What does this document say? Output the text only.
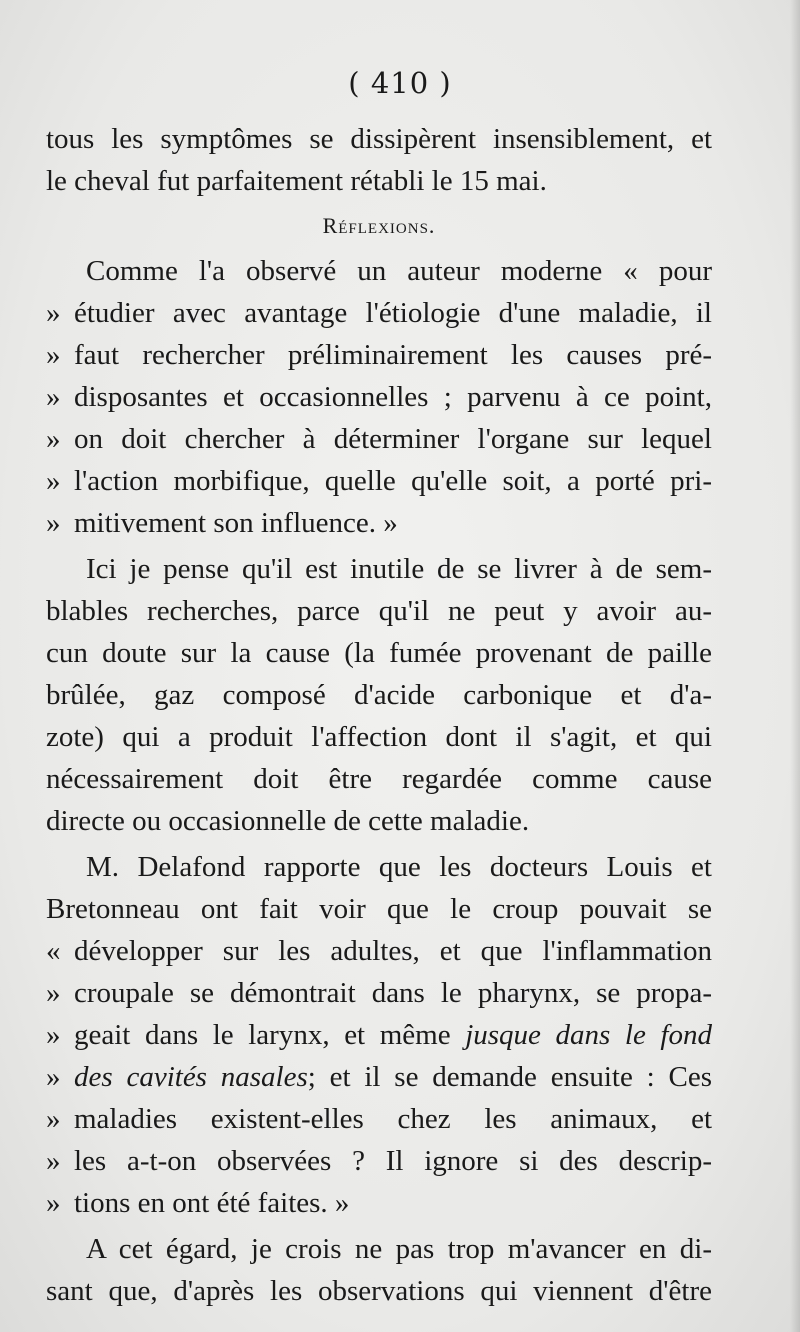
( 410 )
tous les symptômes se dissipèrent insensiblement, et
le cheval fut parfaitement rétabli le 15 mai.
Réflexions.
Comme l'a observé un auteur moderne « pour
» étudier avec avantage l'étiologie d'une maladie, il
» faut rechercher préliminairement les causes pré-
» disposantes et occasionnelles ; parvenu à ce point,
» on doit chercher à déterminer l'organe sur lequel
» l'action morbifique, quelle qu'elle soit, a porté pri-
» mitivement son influence. »
Ici je pense qu'il est inutile de se livrer à de sem-
blables recherches, parce qu'il ne peut y avoir au-
cun doute sur la cause (la fumée provenant de paille
brûlée, gaz composé d'acide carbonique et d'a-
zote) qui a produit l'affection dont il s'agit, et qui
nécessairement doit être regardée comme cause
directe ou occasionnelle de cette maladie.
M. Delafond rapporte que les docteurs Louis et
Bretonneau ont fait voir que le croup pouvait se
« développer sur les adultes, et que l'inflammation
» croupale se démontrait dans le pharynx, se propa-
» geait dans le larynx, et même jusque dans le fond
» des cavités nasales; et il se demande ensuite : Ces
» maladies existent-elles chez les animaux, et
» les a-t-on observées ? Il ignore si des descrip-
» tions en ont été faites. »
A cet égard, je crois ne pas trop m'avancer en di-
sant que, d'après les observations qui viennent d'être
